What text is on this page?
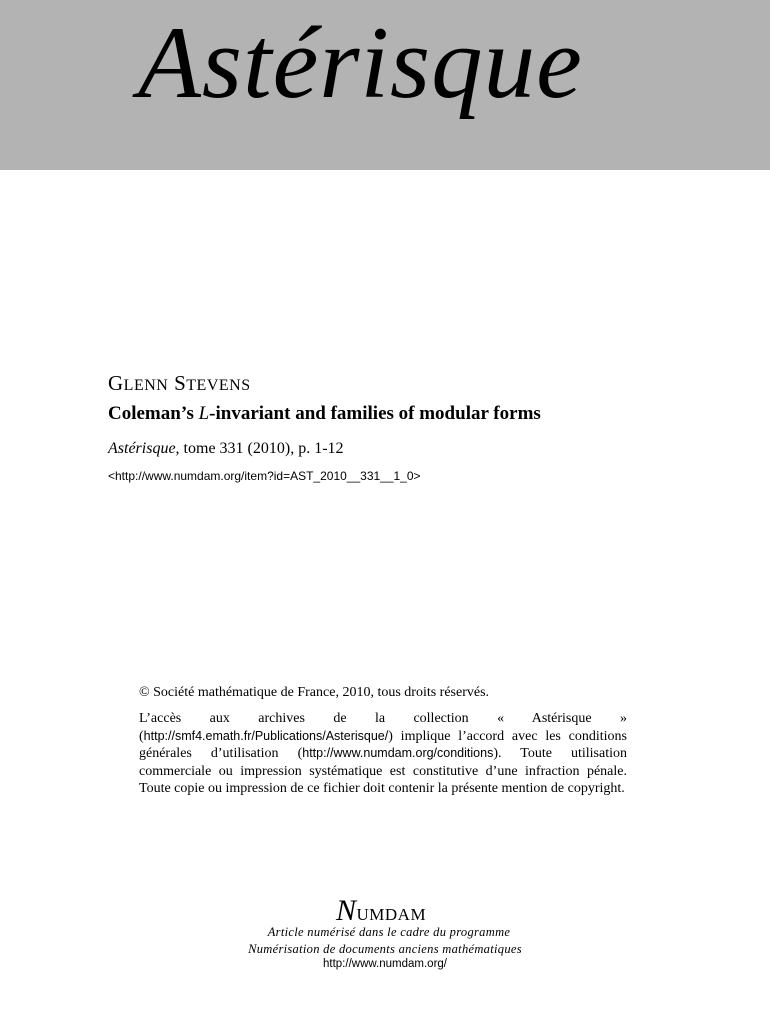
Astérisque
GLENN STEVENS
Coleman’s L-invariant and families of modular forms
Astérisque, tome 331 (2010), p. 1-12
<http://www.numdam.org/item?id=AST_2010__331__1_0>
© Société mathématique de France, 2010, tous droits réservés.
L’accès aux archives de la collection « Astérisque » (http://smf4.emath.fr/Publications/Asterisque/) implique l’accord avec les conditions générales d’utilisation (http://www.numdam.org/conditions). Toute utilisation commerciale ou impression systématique est constitutive d’une infraction pénale. Toute copie ou impression de ce fichier doit contenir la présente mention de copyright.
NUMDAM
Article numérisé dans le cadre du programme
Numérisation de documents anciens mathématiques
http://www.numdam.org/
